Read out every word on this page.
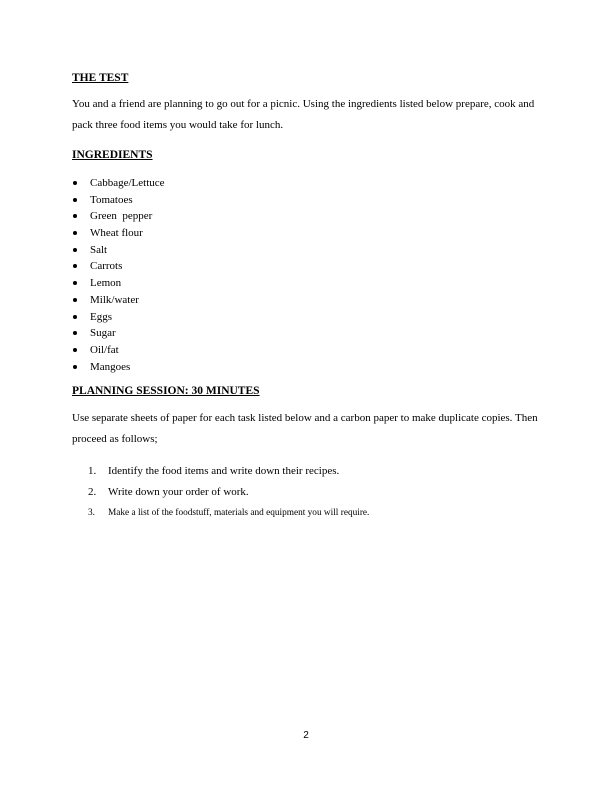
THE TEST
You and a friend are planning to go out for a picnic. Using the ingredients listed below prepare, cook and pack three food items you would take for lunch.
INGREDIENTS
Cabbage/Lettuce
Tomatoes
Green  pepper
Wheat flour
Salt
Carrots
Lemon
Milk/water
Eggs
Sugar
Oil/fat
Mangoes
PLANNING SESSION: 30 MINUTES
Use separate sheets of paper for each task listed below and a carbon paper to make duplicate copies. Then proceed as follows;
1. Identify the food items and write down their recipes.
2. Write down your order of work.
3. Make a list of the foodstuff, materials and equipment you will require.
2
